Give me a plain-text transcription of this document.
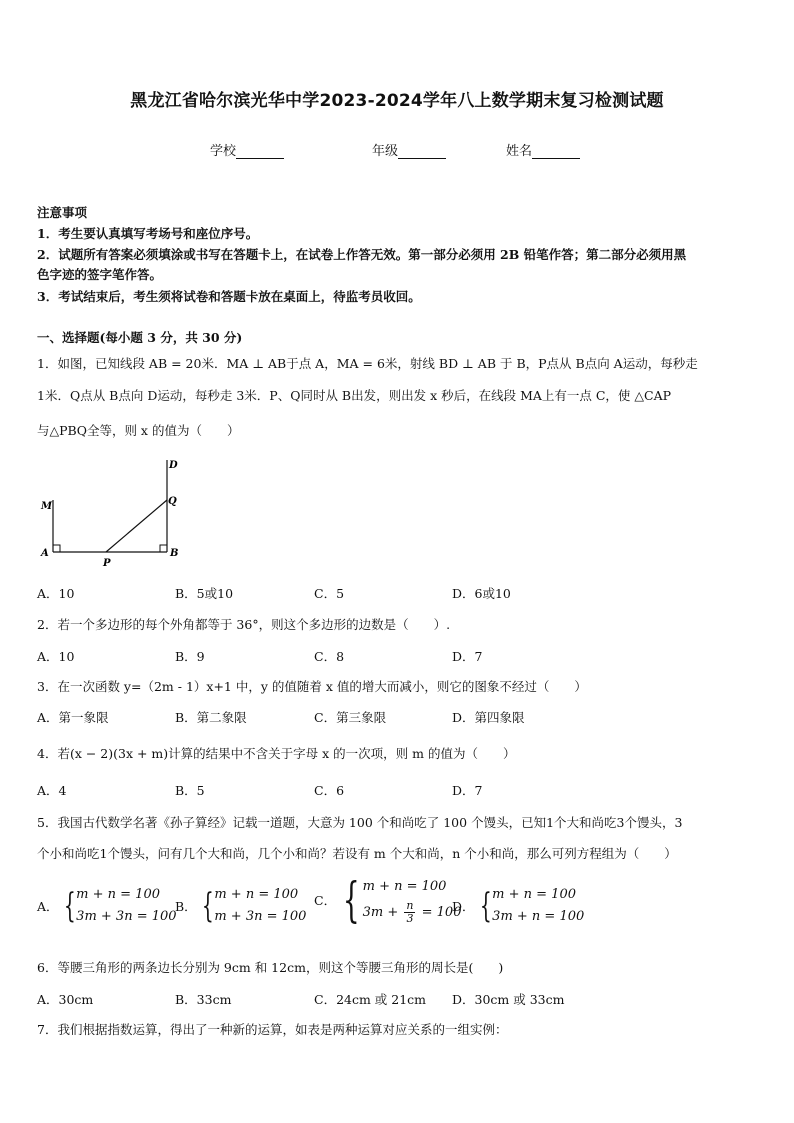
黑龙江省哈尔滨光华中学2023-2024学年八上数学期末复习检测试题
学校	年级	姓名
注意事项
1．考生要认真填写考场号和座位序号。
2．试题所有答案必须填涂或书写在答题卡上，在试卷上作答无效。第一部分必须用 2B 铅笔作答；第二部分必须用黑
色字迹的签字笔作答。
3．考试结束后，考生须将试卷和答题卡放在桌面上，待监考员收回。
一、选择题(每小题 3 分，共 30 分)
1．如图，已知线段 AB = 20米．MA ⊥ AB于点 A，MA = 6米，射线 BD ⊥ AB 于 B，P点从 B点向 A运动，每秒走
1米．Q点从 B点向 D运动，每秒走 3米．P、Q同时从 B出发，则出发 x 秒后，在线段 MA上有一点 C，使 △CAP
与△PBQ全等，则 x 的值为（　　）
M
A
P
B
Q
D
A．10	B．5或10	C．5	D．6或10
2．若一个多边形的每个外角都等于 36°，则这个多边形的边数是（　　）.
A．10	B．9	C．8	D．7
3．在一次函数 y=（2m - 1）x+1 中，y 的值随着 x 值的增大而减小，则它的图象不经过（　　）
A．第一象限	B．第二象限	C．第三象限	D．第四象限
4．若(x − 2)(3x + m)计算的结果中不含关于字母 x 的一次项，则 m 的值为（　　）
A．4	B．5	C．6	D．7
5．我国古代数学名著《孙子算经》记载一道题，大意为 100 个和尚吃了 100 个馒头，已知1个大和尚吃3个馒头，3
个小和尚吃1个馒头，问有几个大和尚，几个小和尚？若设有 m 个大和尚，n 个小和尚，那么可列方程组为（　　）
A． { m + n = 100
3m + 3n = 100
B． { m + n = 100
m + 3n = 100
C． { m + n = 100
$3m + \frac{n}{3} = 100$
D． { m + n = 100
3m + n = 100
6．等腰三角形的两条边长分别为 9cm 和 12cm，则这个等腰三角形的周长是(　　)
A．30cm	B．33cm	C．24cm 或 21cm D．30cm 或 33cm
7．我们根据指数运算，得出了一种新的运算，如表是两种运算对应关系的一组实例：
